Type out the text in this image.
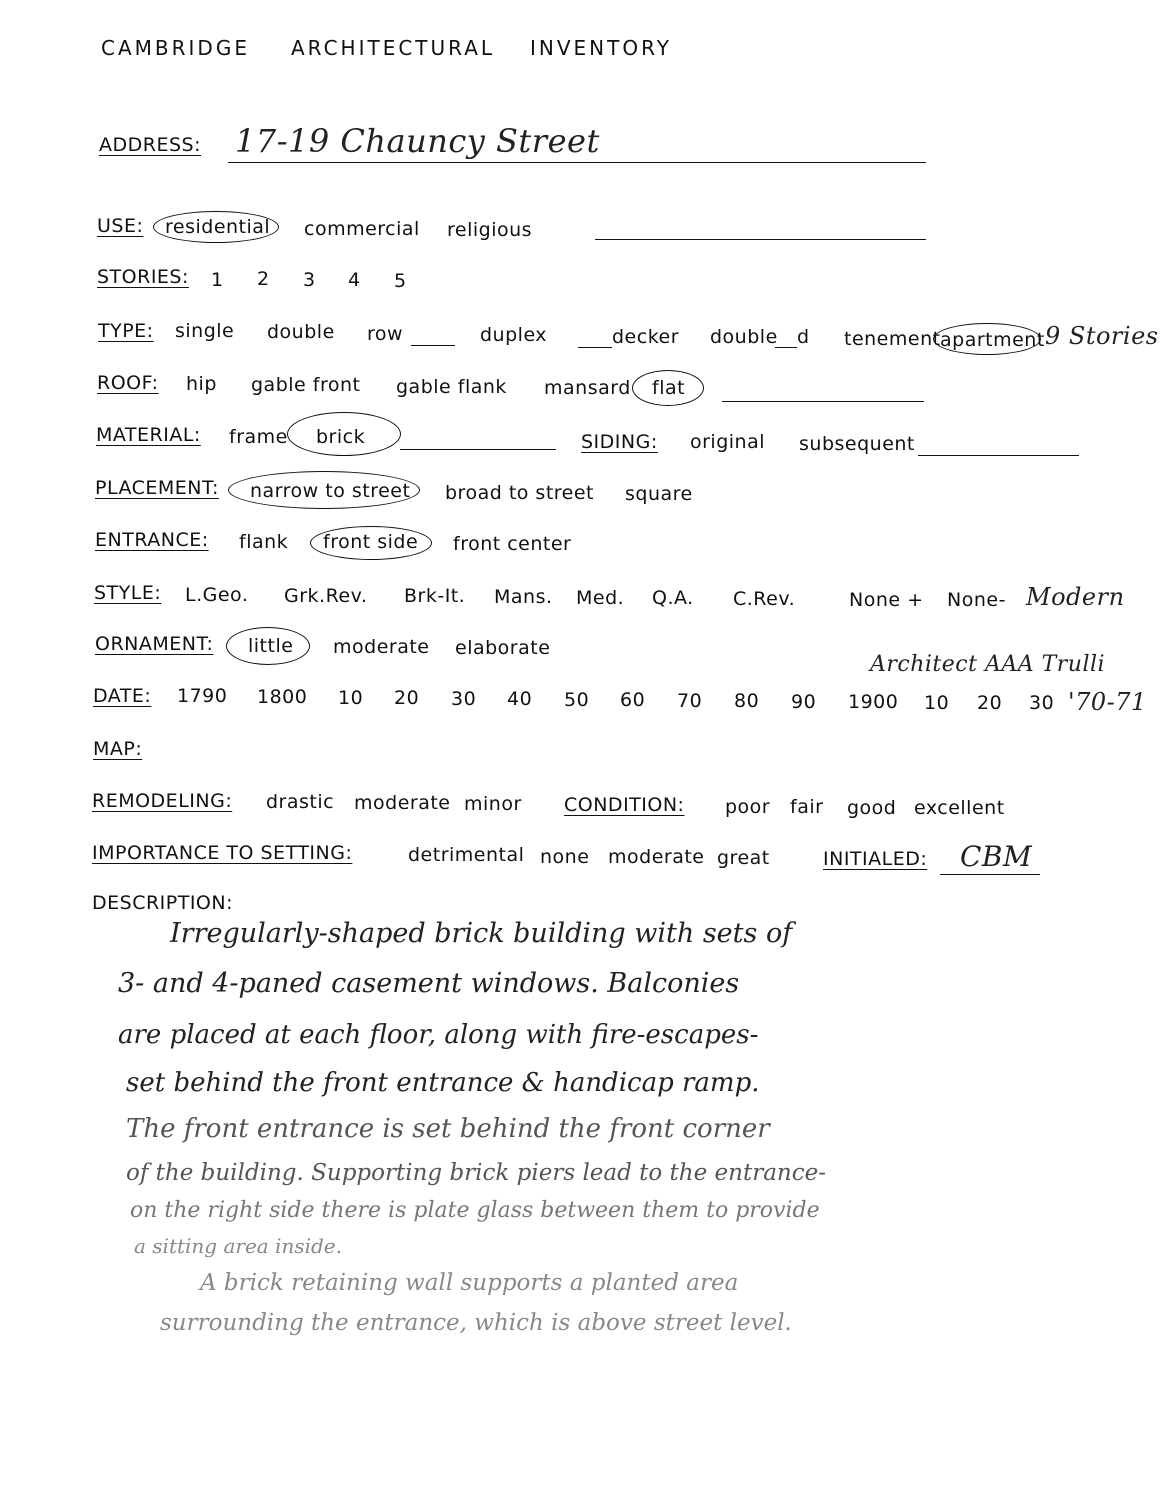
CAMBRIDGE ARCHITECTURAL INVENTORY
ADDRESS: 17-19 Chauncy Street
USE: residential commercial religious
STORIES: 1 2 3 4 5
TYPE: single double row	duplex	decker double d tenement apartment 9 Stories
ROOF: hip gable front gable flank mansard flat
MATERIAL: frame brick	SIDING: original subsequent
PLACEMENT: narrow to street broad to street square
ENTRANCE: flank front side front center
STYLE: L.Geo. Grk.Rev. Brk-It. Mans. Med. Q.A. C.Rev.	None + None- Modern
ORNAMENT: little moderate elaborate
Architect AAA Trulli
DATE: 1790 1800 10 20 30 40 50 60 70 80 90 1900 10 20 30 '70-71
MAP:
REMODELING: drastic moderate minor CONDITION: poor fair good excellent
IMPORTANCE TO SETTING:	detrimental none moderate great	INITIALED: CBM
DESCRIPTION:
Irregularly-shaped brick building with sets of
3- and 4-paned casement windows. Balconies
are placed at each floor, along with fire-escapes-
set behind the front entrance & handicap ramp.
The front entrance is set behind the front corner
of the building. Supporting brick piers lead to the entrance-
on the right side there is plate glass between them to provide
a sitting area inside.
A brick retaining wall supports a planted area
surrounding the entrance, which is above street level.
